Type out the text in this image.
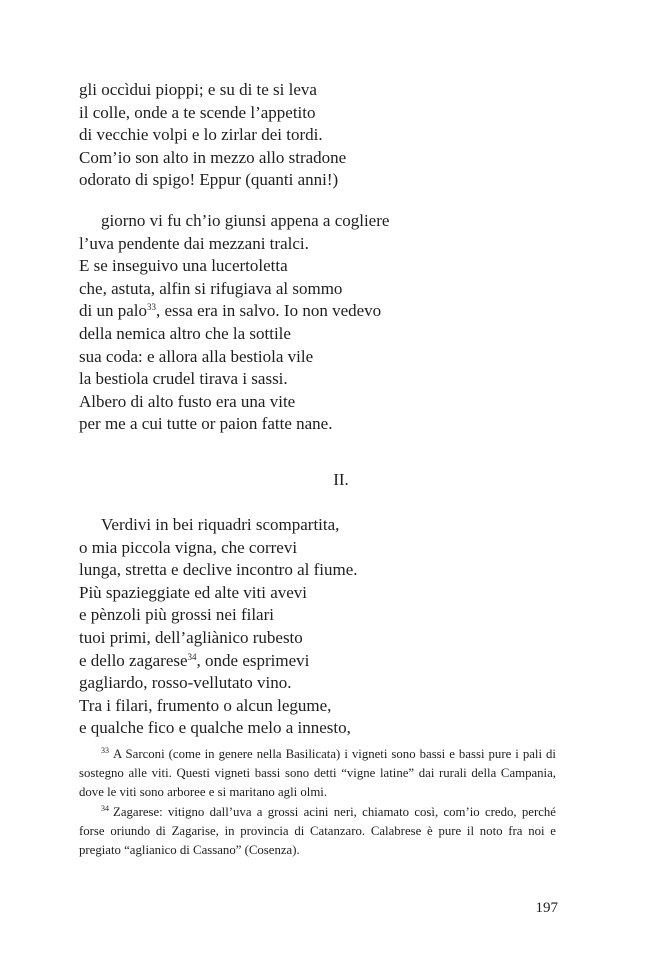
gli occìdui pioppi; e su di te si leva
il colle, onde a te scende l’appetito
di vecchie volpi e lo zirlar dei tordi.
Com’io son alto in mezzo allo stradone
odorato di spigo! Eppur (quanti anni!)
giorno vi fu ch’io giunsi appena a cogliere
l’uva pendente dai mezzani tralci.
E se inseguivo una lucertoletta
che, astuta, alfin si rifugiava al sommo
di un palo$^{33}$, essa era in salvo. Io non vedevo
della nemica altro che la sottile
sua coda: e allora alla bestiola vile
la bestiola crudel tirava i sassi.
Albero di alto fusto era una vite
per me a cui tutte or paion fatte nane.
II.
Verdivi in bei riquadri scompartita,
o mia piccola vigna, che correvi
lunga, stretta e declive incontro al fiume.
Più spazieggiate ed alte viti avevi
e pènzoli più grossi nei filari
tuoi primi, dell’agliànico rubesto
e dello zagarese$^{34}$, onde esprimevi
gagliardo, rosso-vellutato vino.
Tra i filari, frumento o alcun legume,
e qualche fico e qualche melo a innesto,

$^{33}$ A Sarconi (come in genere nella Basilicata) i vigneti sono bassi e bassi pure i pali di sostegno alle viti. Questi vigneti bassi sono detti “vigne latine” dai rurali della Campania, dove le viti sono arboree e si maritano agli olmi.

$^{34}$ Zagarese: vitigno dall’uva a grossi acini neri, chiamato così, com’io credo, perché forse oriundo di Zagarise, in provincia di Catanzaro. Calabrese è pure il noto fra noi e pregiato “aglianico di Cassano” (Cosenza).

197
